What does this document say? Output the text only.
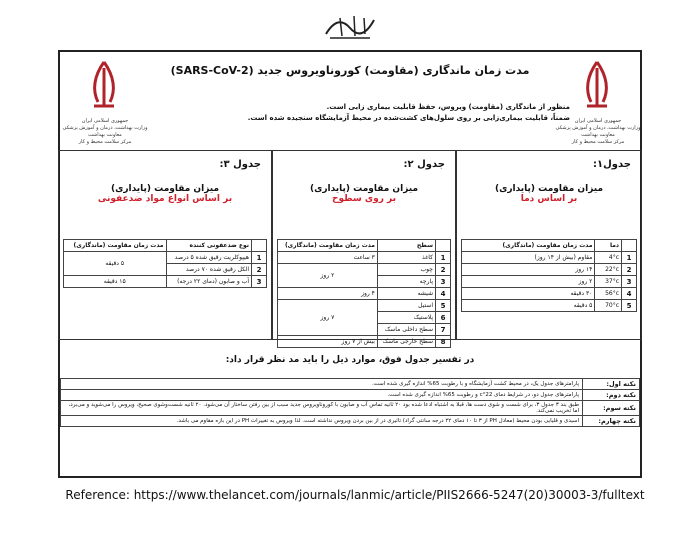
جمهوری اسلامی ایران
وزارت بهداشت، درمان و آموزش پزشکی
معاونت بهداشت
مرکز سلامت محیط و کار
جمهوری اسلامی ایران
وزارت بهداشت، درمان و آموزش پزشکی
معاونت بهداشت
مرکز سلامت محیط و کار
مدت زمان ماندگاری (مقاومت) کوروناویروس جدید (SARS-CoV-2)
منظور از ماندگاری (مقاومت) ویروس، حفظ قابلیت بیماری زایی است.
ضمناً، قابلیت بیماری‌زایی بر روی سلول‌های کشت‌شده در محیط آزمایشگاه سنجیده شده است.
جدول۱:
میزان مقاومت (پایداری)
بر اساس دما
	دما	مدت زمان مقاومت (ماندگاری)
1	4°c	مقاوم (بیش از ۱۴ روز)
2	22°c	۱۴ روز
3	37°c	۲ روز
4	56°c	۳۰ دقیقه
5	70°c	۵ دقیقه
جدول ۲:
میزان مقاومت (پایداری)
بر روی سطوح
	سطح	مدت زمان مقاومت (ماندگاری)
1	کاغذ	۳ ساعت
2	چوب	۲ روز
3	پارچه	
4	شیشه	۴ روز
5	استیل	۷ روز
6	پلاستیک	
7	سطح داخلی ماسک	
8	سطح خارجی ماسک	بیش از ۷ روز
جدول ۳:
میزان مقاومت (پایداری)
بر اساس انواع مواد ضدعفونی
	نوع ضدعفونی کننده	مدت زمان مقاومت (ماندگاری)
1	هیپوکلریت رقیق شده ۵ درصد	۵ دقیقه
2	الکل رقیق شده ۷۰ درصد	
3	آب و صابون (دمای ۲۲ درجه)	۱۵ دقیقه
در تفسیر جدول فوق، موارد ذیل را باید مد نظر قرار داد:
نکته اول:	پارامترهای جدول یک، در محیط کشت آزمایشگاه و با رطوبت 65% اندازه گیری شده است.
نکته دوم:	پارامترهای جدول دو، در شرایط دمای 22°c و رطوبت 65% اندازه گیری شده است.
نکته سوم:	طبق بند ۳ جدول ۳، برای شست و شوی دست ها، قبلا به اشتباه ادعا شده بود ۲۰ ثانیه تماس آب و صابون با کوروناویروس جدید سبب از بین رفتن ساختار آن می‌شود. ۲۰ ثانیه شست‌وشوی صحیح، ویروس را می‌شوید و می‌برد، اما تخریب نمی‌کند.
نکته چهارم:	اسیدی و قلیایی بودن محیط (معادل PH از ۳ تا ۱۰ دمای ۲۲ درجه سانتی گراد) تاثیری در از بین بردن ویروس نداشته است. لذا ویروس به تغییرات PH در این بازه مقاوم می باشد.
Reference: https://www.thelancet.com/journals/lanmic/article/PIIS2666-5247(20)30003-3/fulltext
